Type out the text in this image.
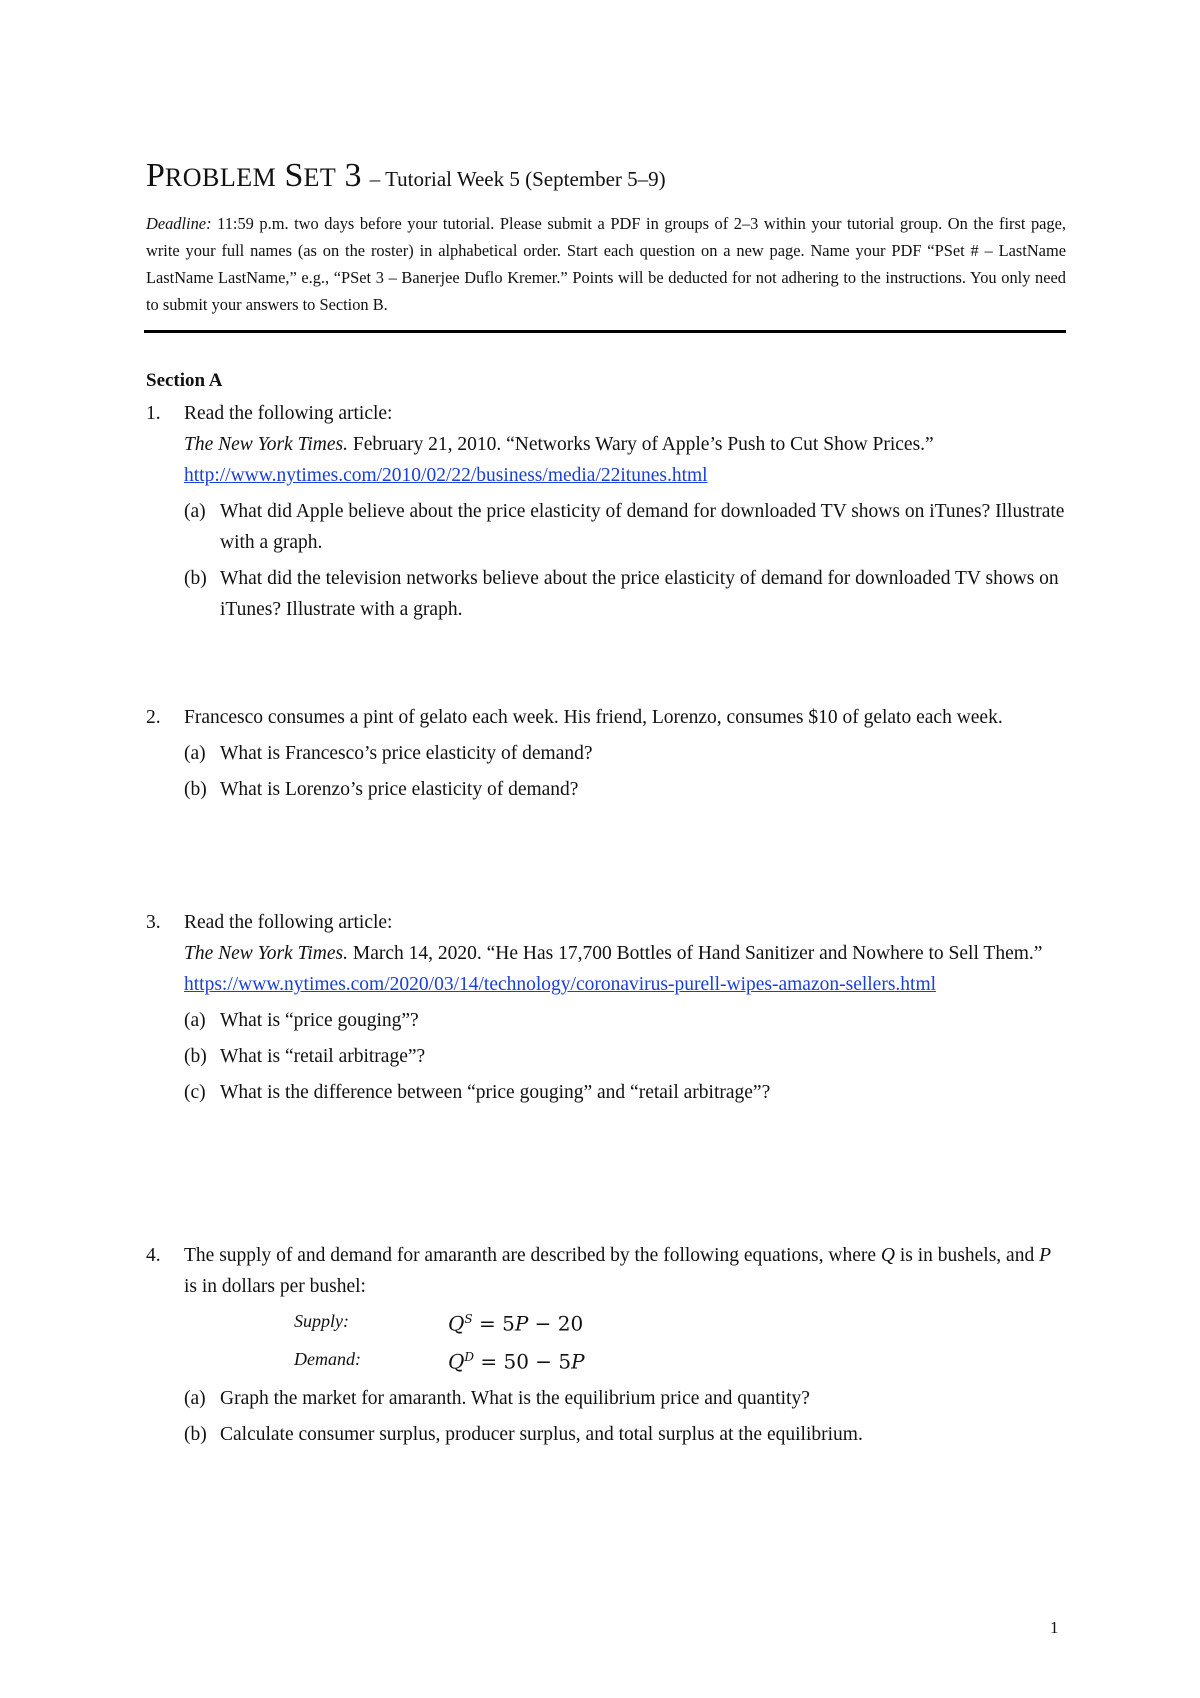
PROBLEM SET 3 – Tutorial Week 5 (September 5–9)
Deadline: 11:59 p.m. two days before your tutorial. Please submit a PDF in groups of 2–3 within your tutorial group. On the first page, write your full names (as on the roster) in alphabetical order. Start each question on a new page. Name your PDF “PSet # – LastName LastName LastName,” e.g., “PSet 3 – Banerjee Duflo Kremer.” Points will be deducted for not adhering to the instructions. You only need to submit your answers to Section B.
Section A
1. Read the following article:
The New York Times. February 21, 2010. “Networks Wary of Apple’s Push to Cut Show Prices.”
http://www.nytimes.com/2010/02/22/business/media/22itunes.html
(a) What did Apple believe about the price elasticity of demand for downloaded TV shows on iTunes? Illustrate with a graph.
(b) What did the television networks believe about the price elasticity of demand for downloaded TV shows on iTunes? Illustrate with a graph.
2. Francesco consumes a pint of gelato each week. His friend, Lorenzo, consumes $10 of gelato each week.
(a) What is Francesco’s price elasticity of demand?
(b) What is Lorenzo’s price elasticity of demand?
3. Read the following article:
The New York Times. March 14, 2020. “He Has 17,700 Bottles of Hand Sanitizer and Nowhere to Sell Them.”
https://www.nytimes.com/2020/03/14/technology/coronavirus-purell-wipes-amazon-sellers.html
(a) What is “price gouging”?
(b) What is “retail arbitrage”?
(c) What is the difference between “price gouging” and “retail arbitrage”?
4. The supply of and demand for amaranth are described by the following equations, where Q is in bushels, and P is in dollars per bushel:
Supply:	$Q^S = 5P - 20$
Demand:	$Q^D = 50 - 5P$
(a) Graph the market for amaranth. What is the equilibrium price and quantity?
(b) Calculate consumer surplus, producer surplus, and total surplus at the equilibrium.
1
